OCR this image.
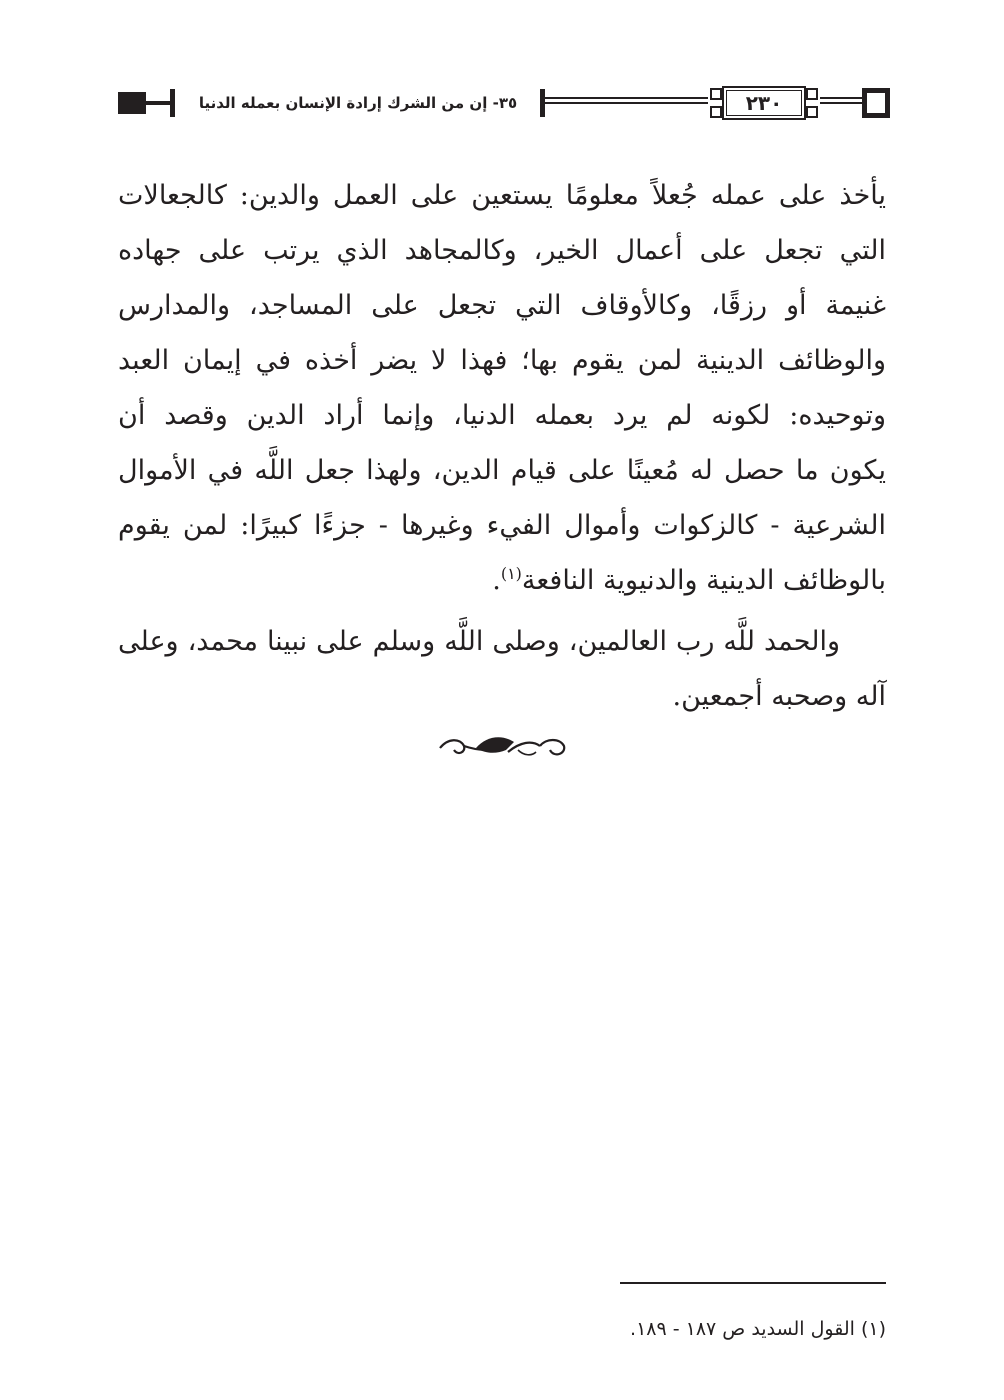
٣٥- إن من الشرك إرادة الإنسان بعمله الدنيا	٢٣٠

يأخذ على عمله جُعلاً معلومًا يستعين على العمل والدين: كالجعالات
التي تجعل على أعمال الخير، وكالمجاهد الذي يرتب على جهاده
غنيمة أو رزقًا، وكالأوقاف التي تجعل على المساجد، والمدارس
والوظائف الدينية لمن يقوم بها؛ فهذا لا يضر أخذه في إيمان العبد
وتوحيده: لكونه لم يرد بعمله الدنيا، وإنما أراد الدين وقصد أن
يكون ما حصل له مُعينًا على قيام الدين، ولهذا جعل اللَّه في الأموال
الشرعية - كالزكوات وأموال الفيء وغيرها - جزءًا كبيرًا: لمن يقوم
بالوظائف الدينية والدنيوية النافعة$^{(١)}$.

والحمد للَّه رب العالمين، وصلى اللَّه وسلم على نبينا محمد، وعلى آله وصحبه أجمعين.

(١) القول السديد ص ١٨٧ - ١٨٩.
